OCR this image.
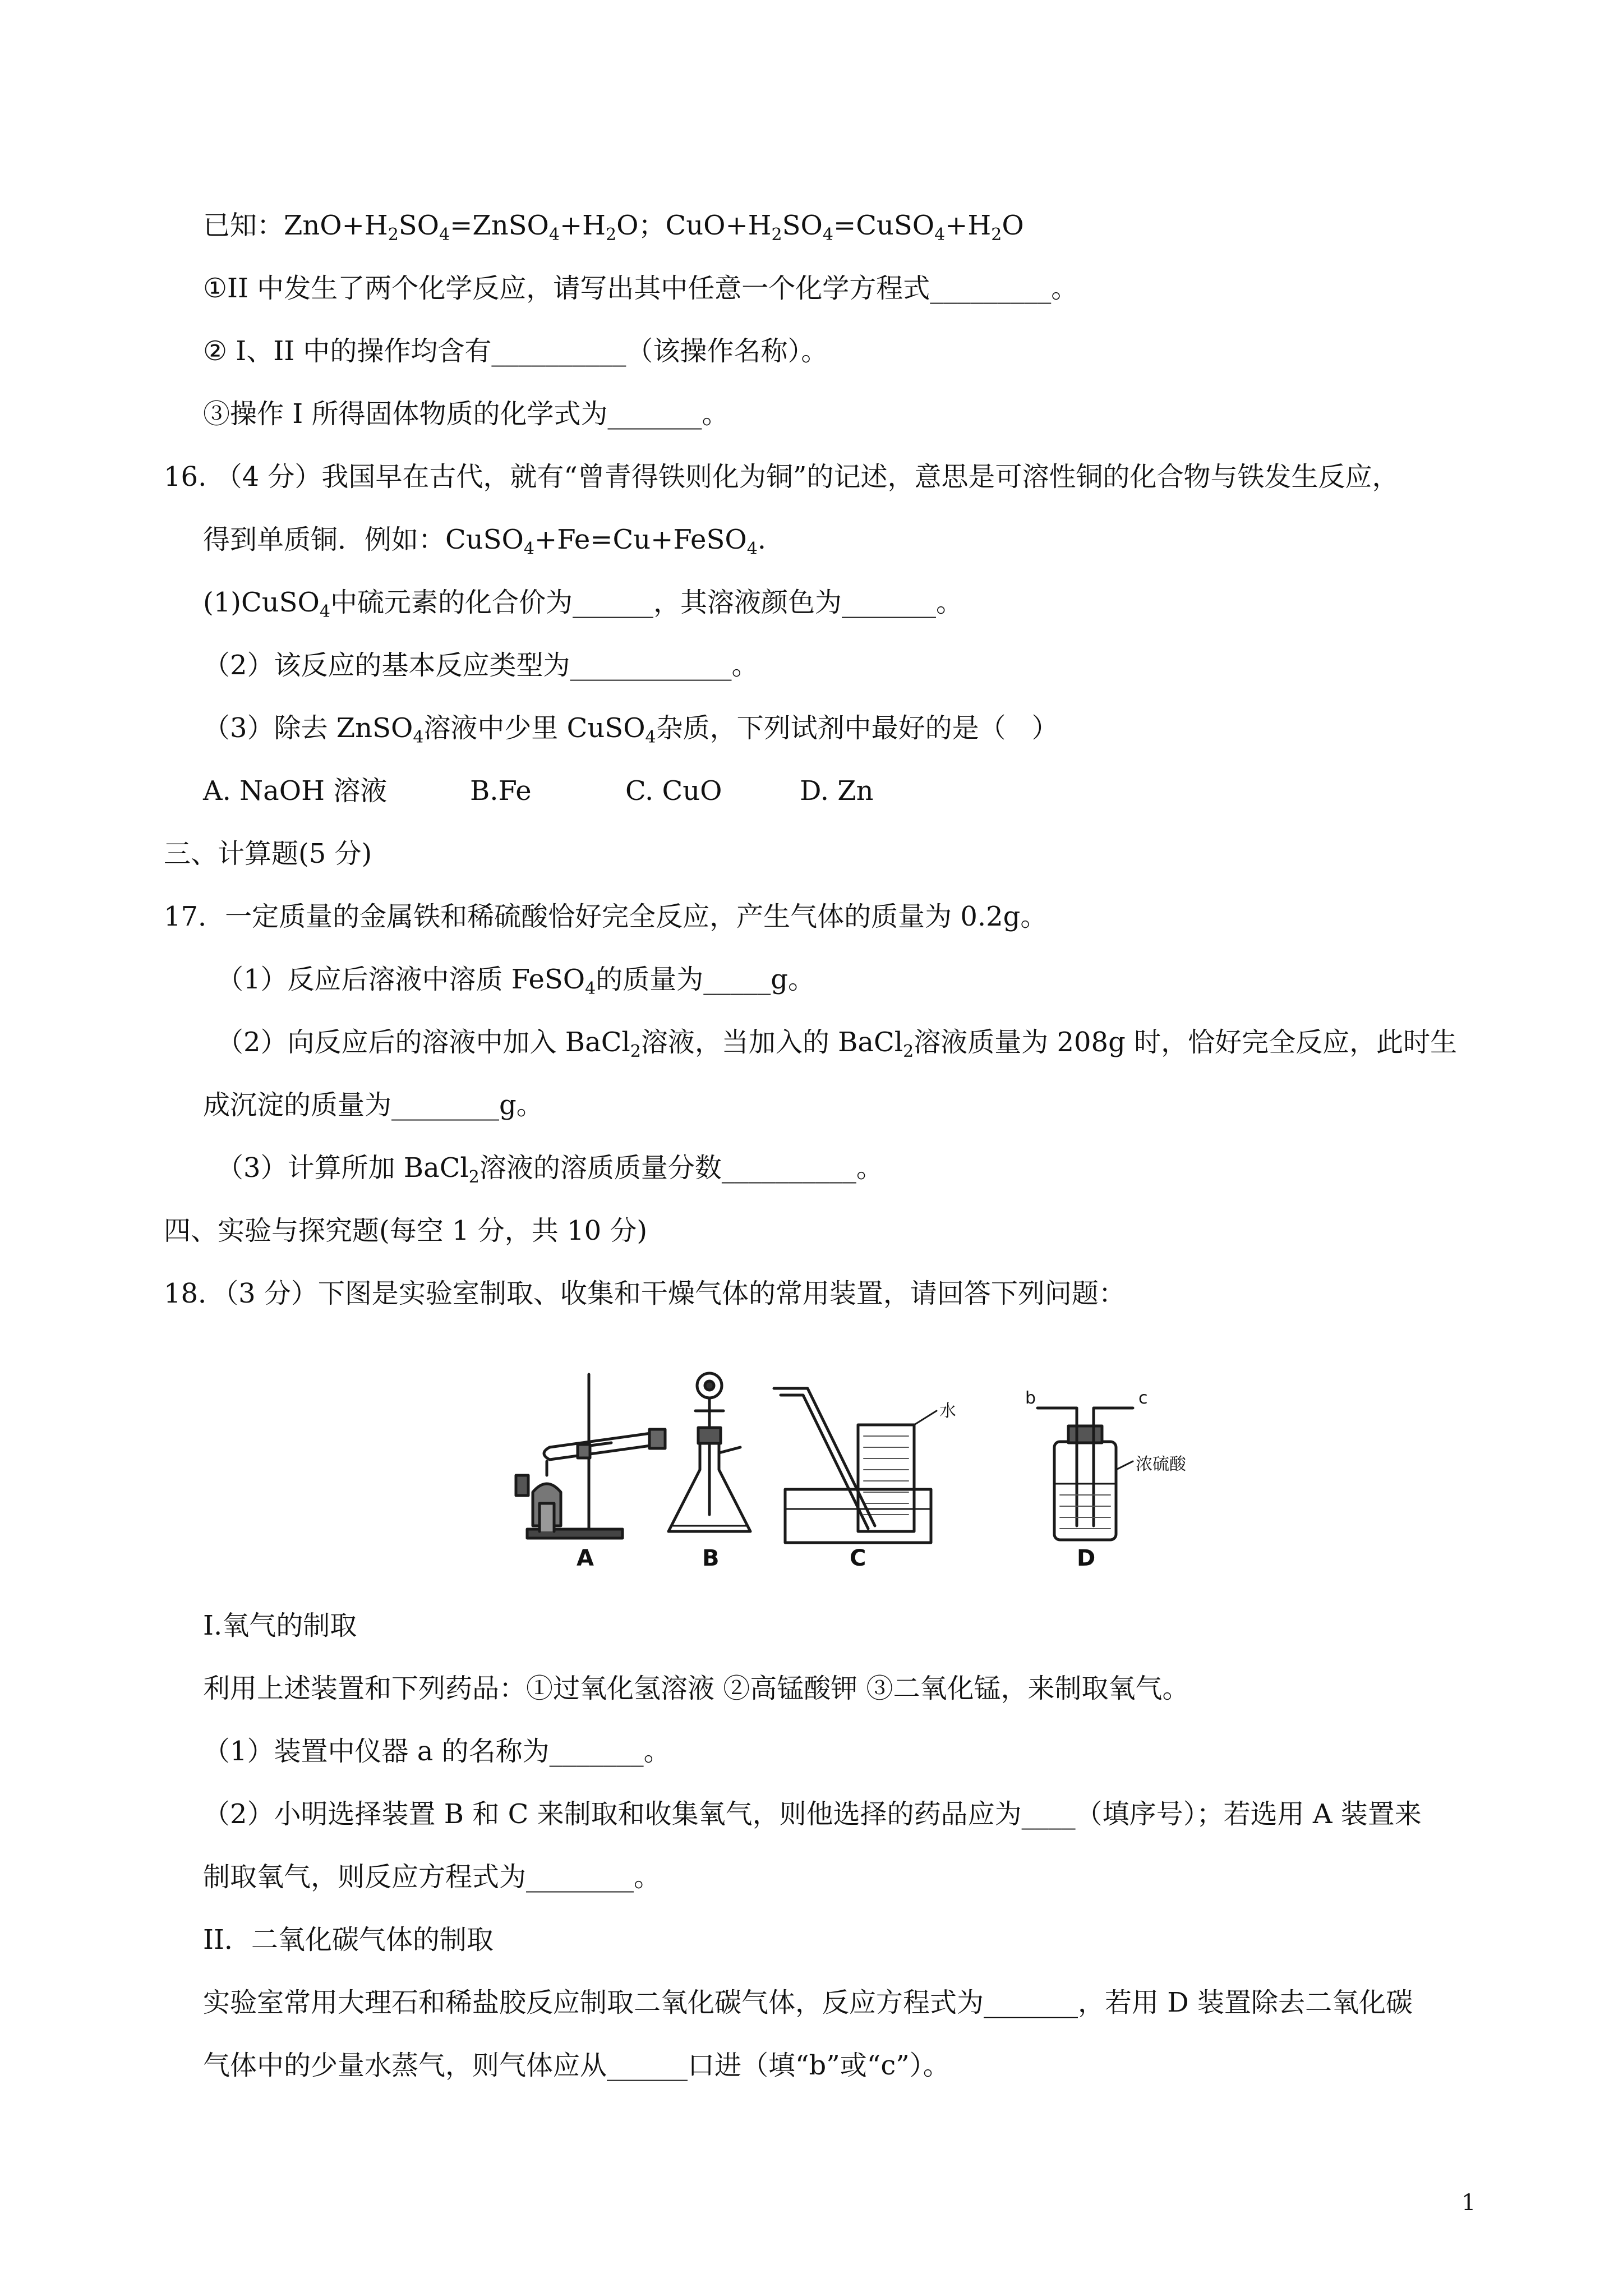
已知：$ZnO+H_2SO_4=ZnSO_4+H_2O$；$CuO+H_2SO_4=CuSO_4+H_2O$
①II 中发生了两个化学反应，请写出其中任意一个化学方程式_________。
② I、II 中的操作均含有__________（该操作名称）。
③操作 I 所得固体物质的化学式为_______。
16. （4 分）我国早在古代，就有“曾青得铁则化为铜”的记述，意思是可溶性铜的化合物与铁发生反应，
得到单质铜．例如：CuSO$_4$+Fe=Cu+FeSO$_4$.
(1)CuSO$_4$中硫元素的化合价为______，其溶液颜色为_______。
（2）该反应的基本反应类型为____________。
（3）除去 ZnSO$_4$溶液中少里 CuSO$_4$杂质，下列试剂中最好的是（   ）
A. NaOH 溶液	B.Fe	C. CuO	D. Zn
三、计算题(5 分)
17．一定质量的金属铁和稀硫酸恰好完全反应，产生气体的质量为 0.2g。
（1）反应后溶液中溶质 FeSO$_4$的质量为_____g。
（2）向反应后的溶液中加入 BaCl$_2$溶液，当加入的 BaCl$_2$溶液质量为 208g 时，恰好完全反应，此时生
成沉淀的质量为________g。
（3）计算所加 BaCl$_2$溶液的溶质质量分数__________。
四、实验与探究题(每空 1 分，共 10 分)
18．（3 分）下图是实验室制取、收集和干燥气体的常用装置，请回答下列问题：
A	B	C	D
水
b	c
浓硫酸
I.氧气的制取
利用上述装置和下列药品：①过氧化氢溶液 ②高锰酸钾 ③二氧化锰，来制取氧气。
（1）装置中仪器 a 的名称为_______。
（2）小明选择装置 B 和 C 来制取和收集氧气，则他选择的药品应为____（填序号）；若选用 A 装置来
制取氧气，则反应方程式为________。
II．二氧化碳气体的制取
实验室常用大理石和稀盐胶反应制取二氧化碳气体，反应方程式为_______，若用 D 装置除去二氧化碳
气体中的少量水蒸气，则气体应从______口进（填“b”或“c”）。
1
